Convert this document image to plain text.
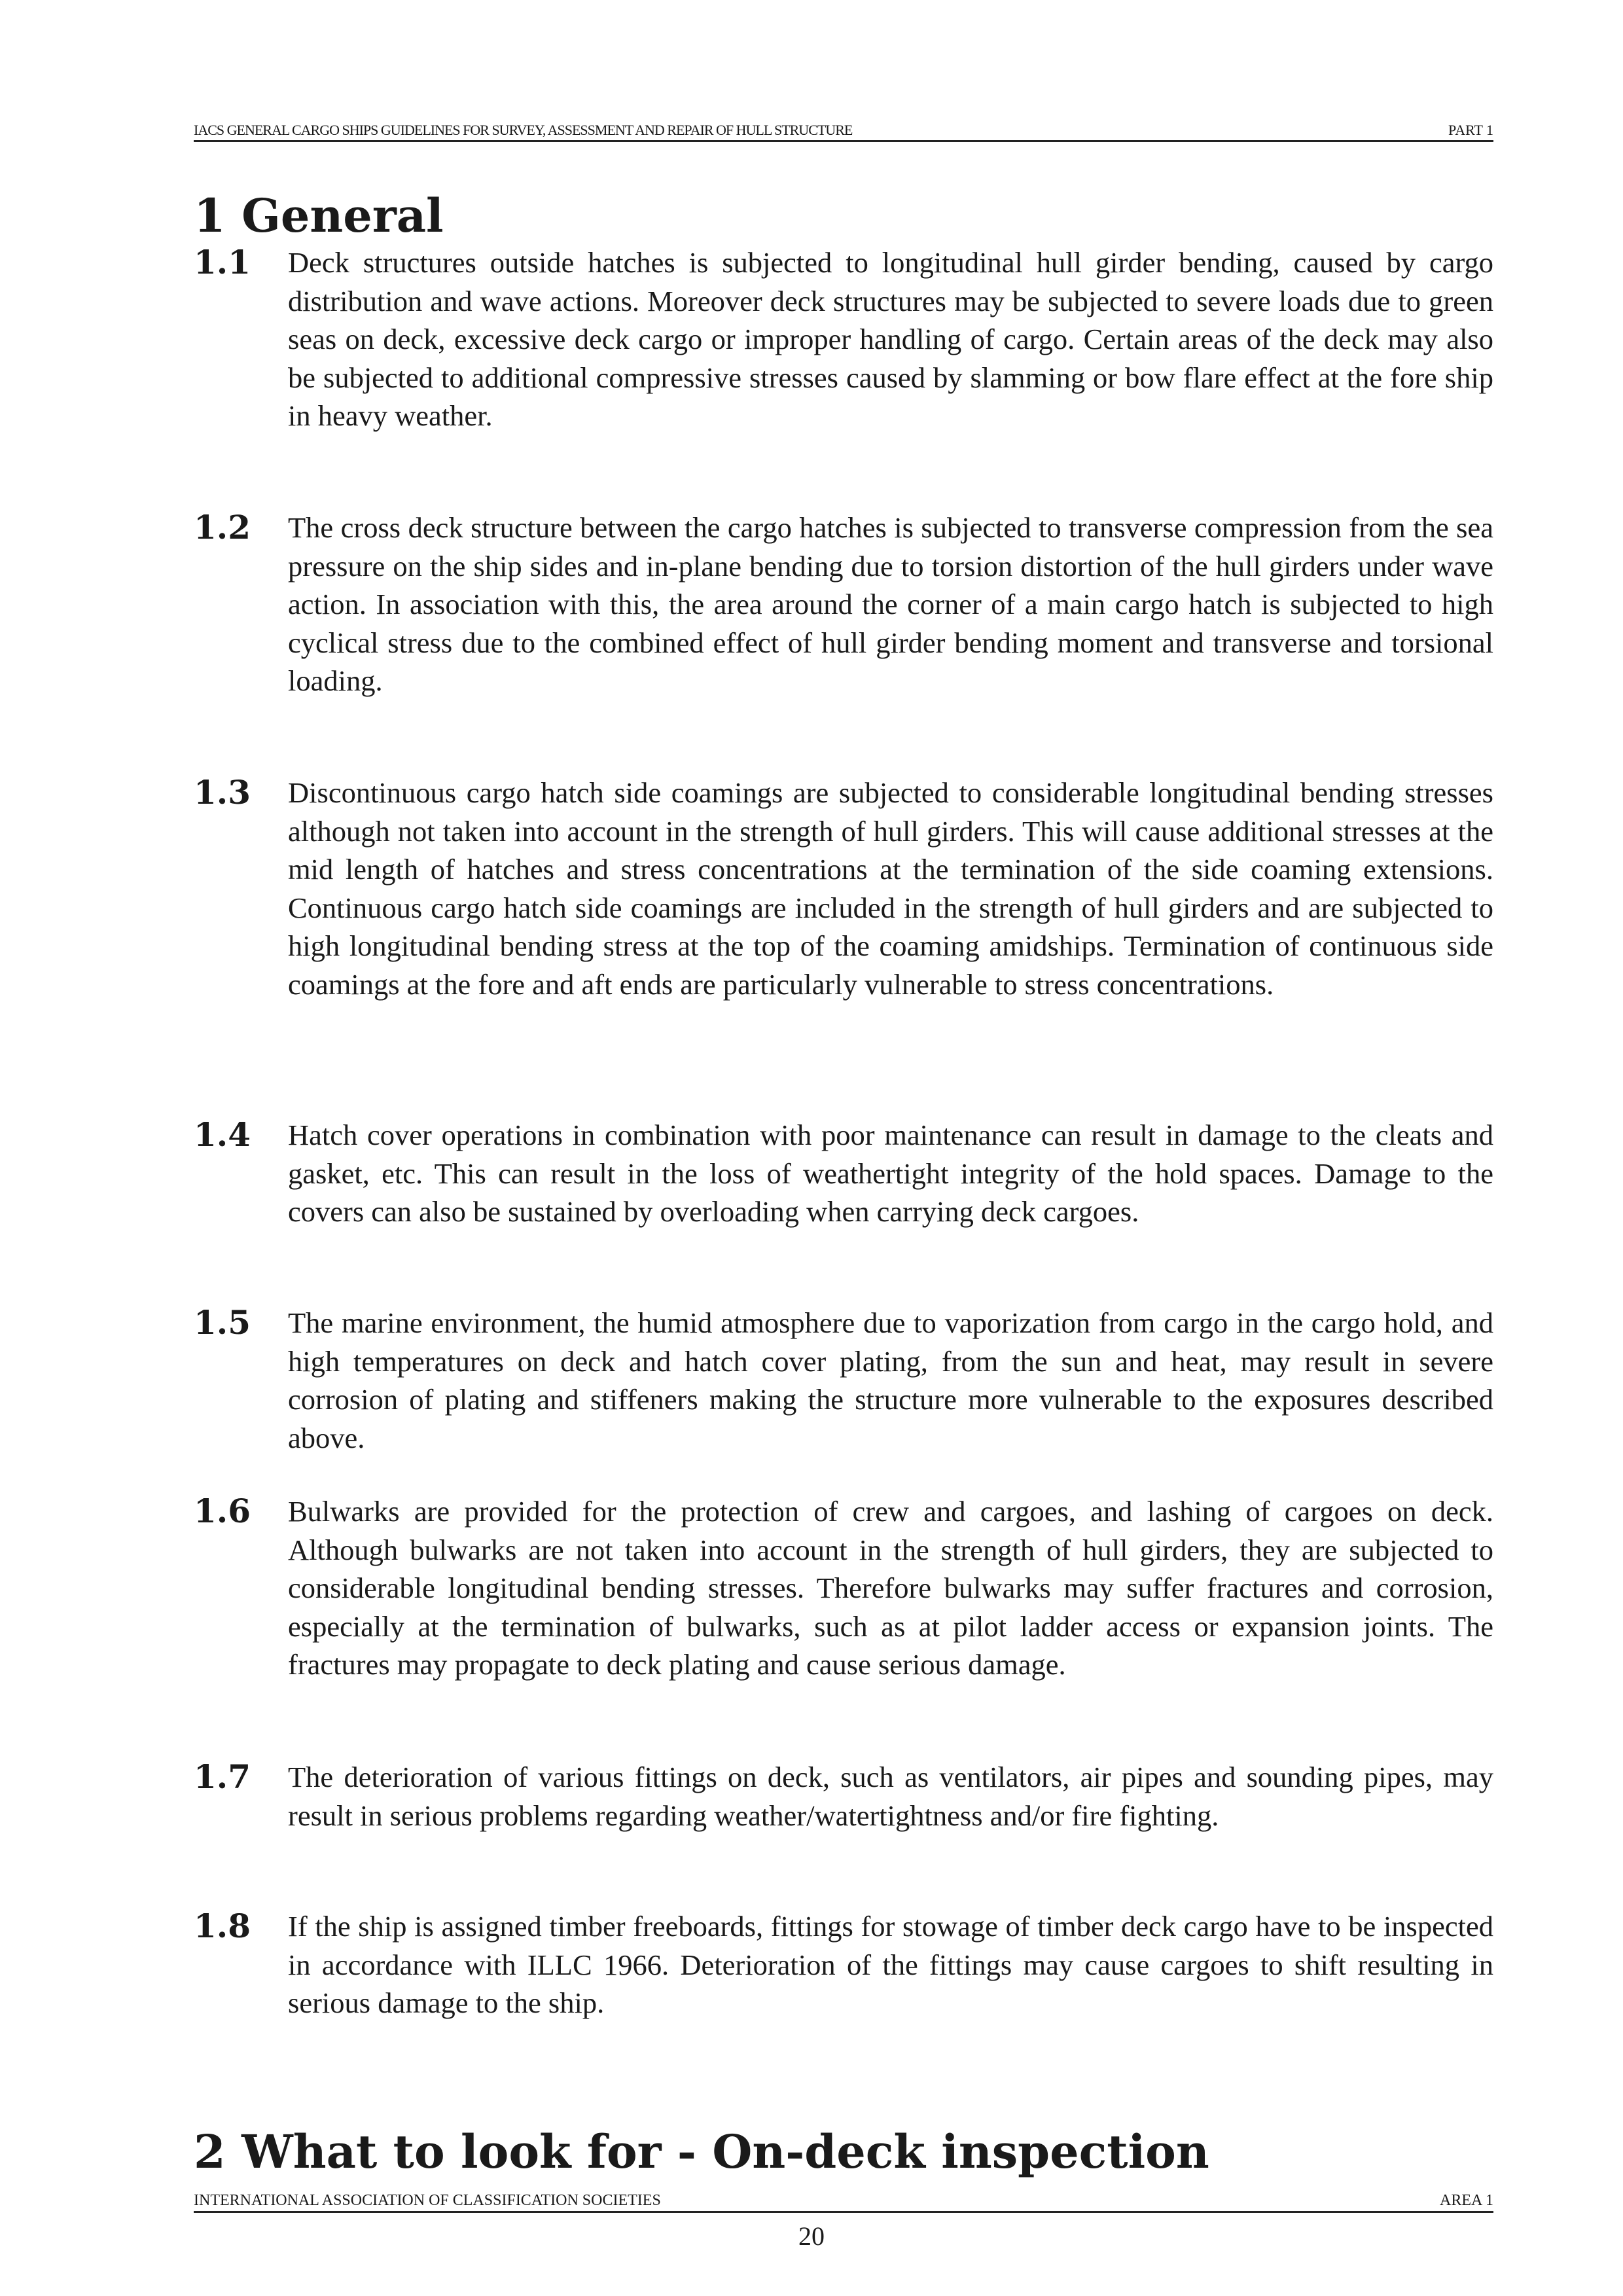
IACS GENERAL CARGO SHIPS GUIDELINES FOR SURVEY, ASSESSMENT AND REPAIR OF HULL STRUCTURE	PART 1
1 General
1.1 Deck structures outside hatches is subjected to longitudinal hull girder bending, caused by cargo distribution and wave actions. Moreover deck structures may be subjected to severe loads due to green seas on deck, excessive deck cargo or improper handling of cargo. Certain areas of the deck may also be subjected to additional compressive stresses caused by slamming or bow flare effect at the fore ship in heavy weather.

1.2 The cross deck structure between the cargo hatches is subjected to transverse compression from the sea pressure on the ship sides and in-plane bending due to torsion distortion of the hull girders under wave action. In association with this, the area around the corner of a main cargo hatch is subjected to high cyclical stress due to the combined effect of hull girder bending moment and transverse and torsional loading.

1.3 Discontinuous cargo hatch side coamings are subjected to considerable longitudinal bending stresses although not taken into account in the strength of hull girders. This will cause additional stresses at the mid length of hatches and stress concentrations at the termination of the side coaming extensions. Continuous cargo hatch side coamings are included in the strength of hull girders and are subjected to high longitudinal bending stress at the top of the coaming amidships. Termination of continuous side coamings at the fore and aft ends are particularly vulnerable to stress concentrations.

1.4 Hatch cover operations in combination with poor maintenance can result in damage to the cleats and gasket, etc. This can result in the loss of weathertight integrity of the hold spaces. Damage to the covers can also be sustained by overloading when carrying deck cargoes.

1.5 The marine environment, the humid atmosphere due to vaporization from cargo in the cargo hold, and high temperatures on deck and hatch cover plating, from the sun and heat, may result in severe corrosion of plating and stiffeners making the structure more vulnerable to the exposures described above.

1.6 Bulwarks are provided for the protection of crew and cargoes, and lashing of cargoes on deck. Although bulwarks are not taken into account in the strength of hull girders, they are subjected to considerable longitudinal bending stresses. Therefore bulwarks may suffer fractures and corrosion, especially at the termination of bulwarks, such as at pilot ladder access or expansion joints. The fractures may propagate to deck plating and cause serious damage.

1.7 The deterioration of various fittings on deck, such as ventilators, air pipes and sounding pipes, may result in serious problems regarding weather/watertightness and/or fire fighting.

1.8 If the ship is assigned timber freeboards, fittings for stowage of timber deck cargo have to be inspected in accordance with ILLC 1966. Deterioration of the fittings may cause cargoes to shift resulting in serious damage to the ship.

2 What to look for - On-deck inspection
INTERNATIONAL ASSOCIATION OF CLASSIFICATION SOCIETIES	AREA 1
20
